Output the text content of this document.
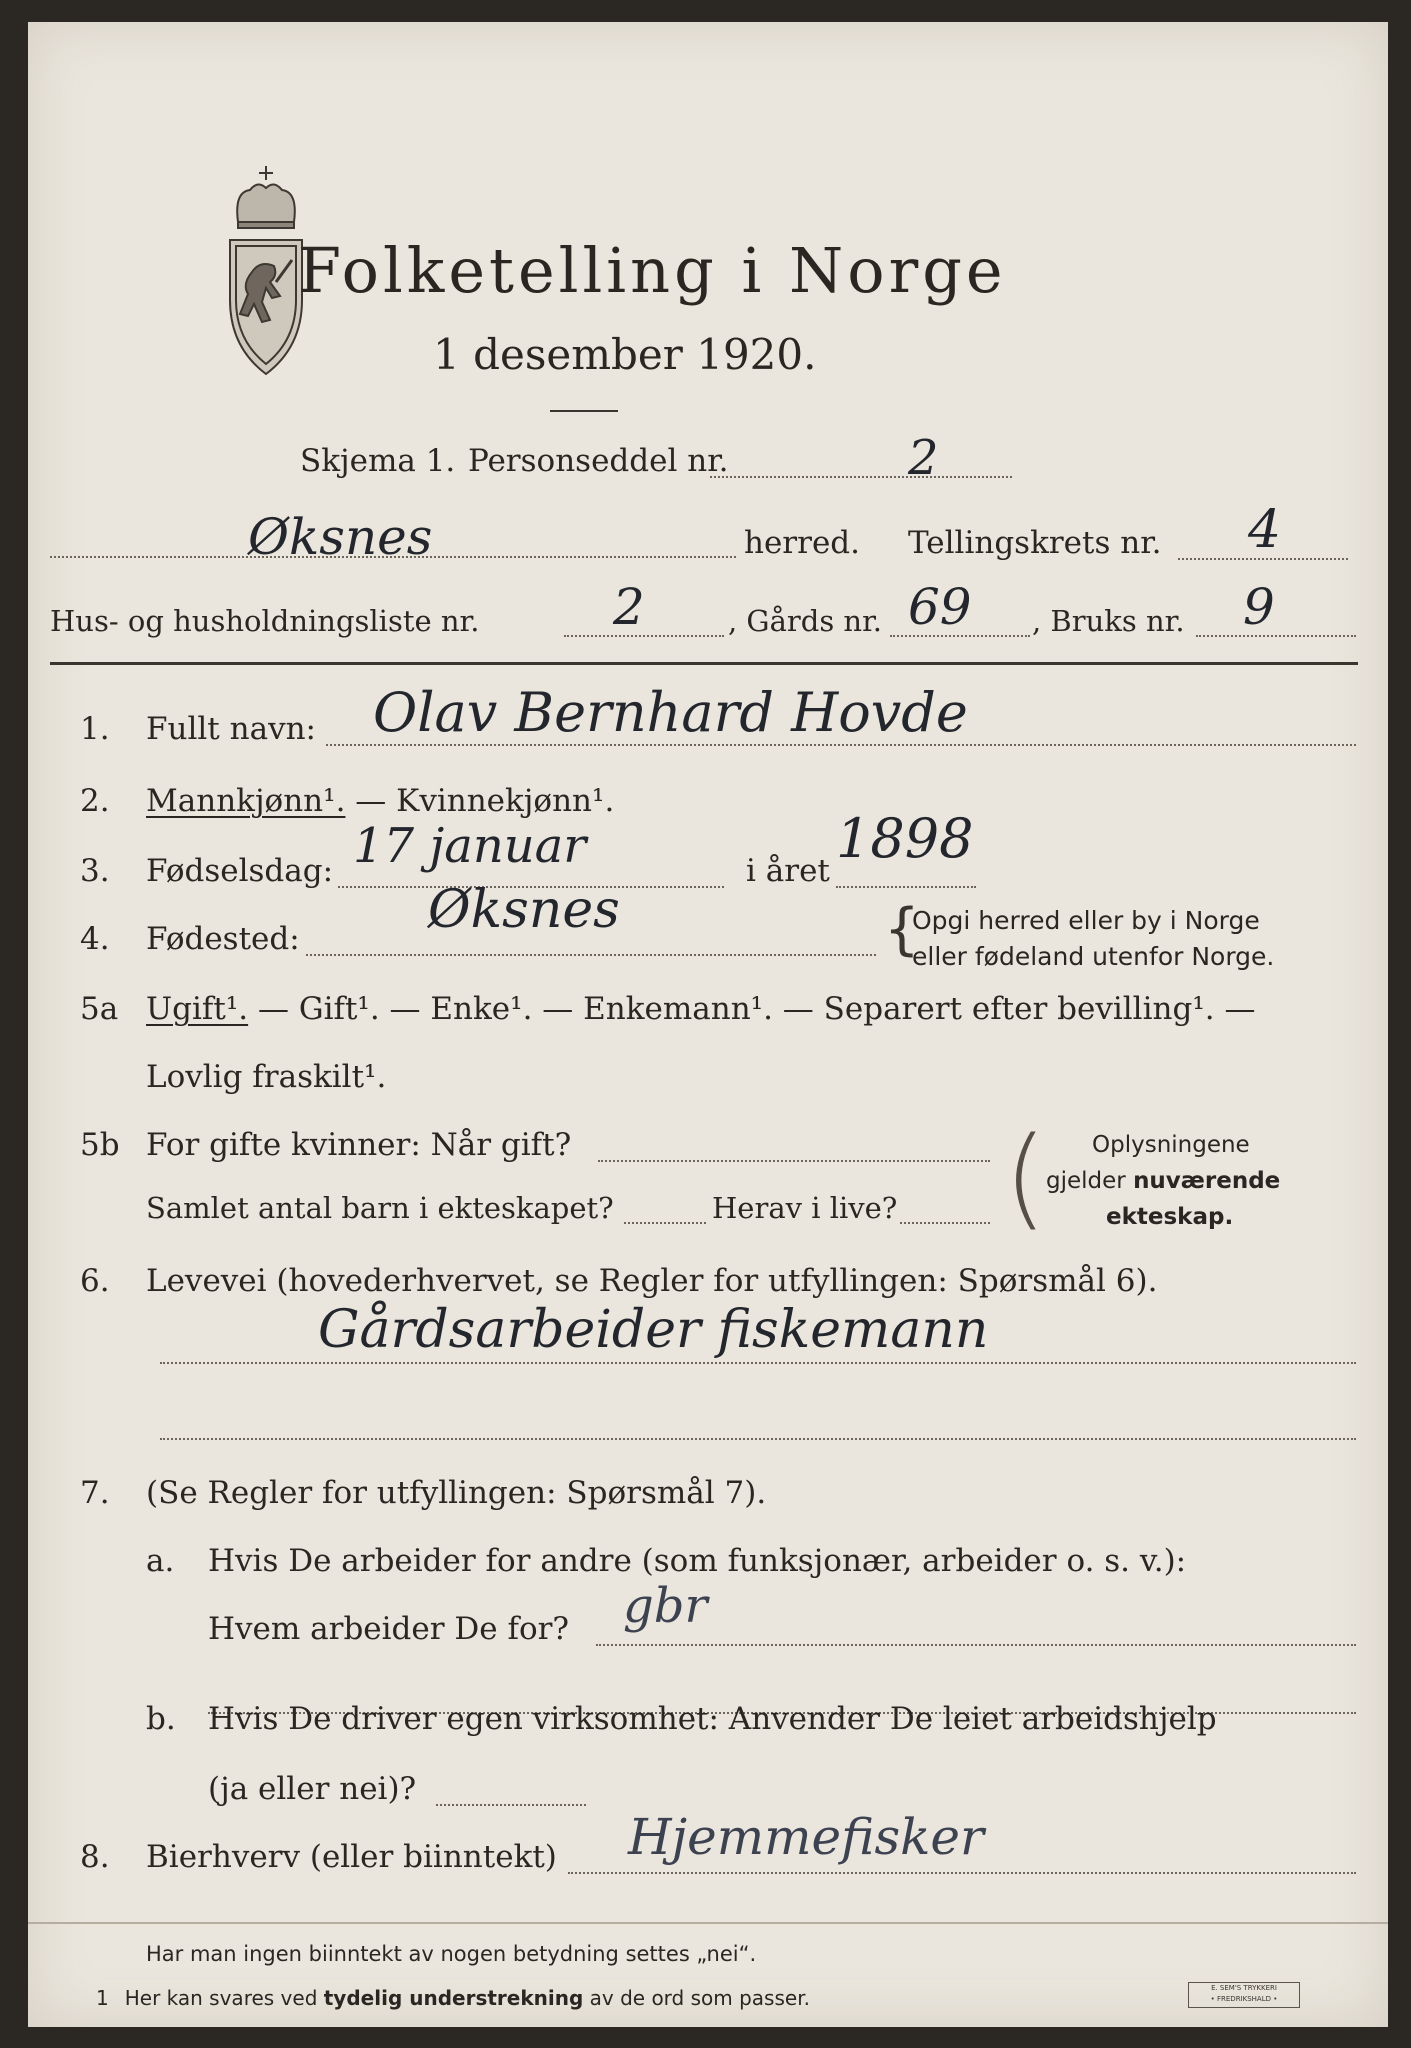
Folketelling i Norge
1 desember 1920.
Skjema 1. Personseddel nr.	2
Øksnes	herred. Tellingskrets nr. 4
Hus- og husholdningsliste nr.	2	, Gårds nr. 69 , Bruks nr. 9
1. Fullt navn: Olav Bernhard Hovde
2. Mannkjønn¹. — Kvinnekjønn¹.
3. Fødselsdag: 17 januar	i året
1898
4. Fødested: Øksnes	{
Opgi herred eller by i Norge
eller fødeland utenfor Norge.
5a Ugift¹. — Gift¹. — Enke¹. — Enkemann¹. — Separert efter bevilling¹. —
Lovlig fraskilt¹.
5b For gifte kvinner: Når gift?
Samlet antal barn i ekteskapet?	Herav i live? ( Oplysningene
gjelder nuværende
ekteskap.
6. Levevei (hovederhvervet, se Regler for utfyllingen: Spørsmål 6).
Gårdsarbeider fiskemann
7. (Se Regler for utfyllingen: Spørsmål 7).
a. Hvis De arbeider for andre (som funksjonær, arbeider o. s. v.):
Hvem arbeider De for? gbr
b. Hvis De driver egen virksomhet: Anvender De leiet arbeidshjelp
(ja eller nei)?
8. Bierhverv (eller biinntekt) Hjemmefisker
Har man ingen biinntekt av nogen betydning settes „nei“.
1 Her kan svares ved tydelig understrekning av de ord som passer.	E. SEM'S TRYKKERI
• FREDRIKSHALD •
